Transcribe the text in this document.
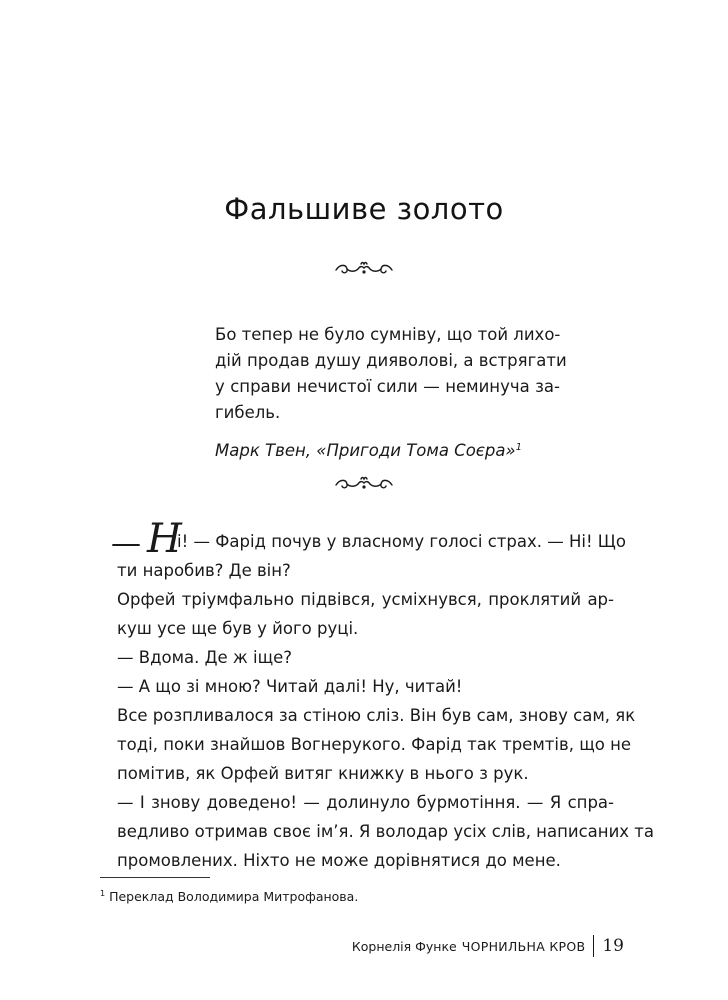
Фальшиве золото
Бо тепер не було сумніву, що той лихо-
дій продав душу дияволові, а встрягати
у справи нечистої сили — неминуча за-
гибель.
Марк Твен, «Пригоди Тома Соєра»$^1$
— Н
і! — Фарід почув у власному голосі страх. — Ні! Що
ти наробив? Де він?
Орфей тріумфально підвівся, усміхнувся, проклятий ар-
куш усе ще був у його руці.
— Вдома. Де ж іще?
— А що зі мною? Читай далі! Ну, читай!
Все розпливалося за стіною сліз. Він був сам, знову сам, як
тоді, поки знайшов Вогнерукого. Фарід так тремтів, що не
помітив, як Орфей витяг книжку в нього з рук.
— І знову доведено! — долинуло бурмотіння. — Я спра-
ведливо отримав своє ім’я. Я володар усіх слів, написаних та
промовлених. Ніхто не може дорівнятися до мене.
$^1$ Переклад Володимира Митрофанова.
Корнелія Функе ЧОРНИЛЬНА КРОВ 19
